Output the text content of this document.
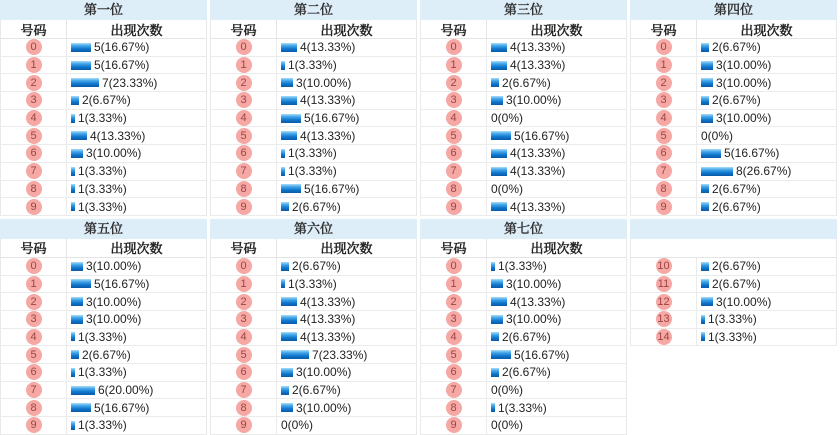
第一位
号码	出现次数
0	5(16.67%)
1	5(16.67%)
2	7(23.33%)
3	2(6.67%)
4	1(3.33%)
5	4(13.33%)
6	3(10.00%)
7	1(3.33%)
8	1(3.33%)
9	1(3.33%)
第二位
号码	出现次数
0	4(13.33%)
1	1(3.33%)
2	3(10.00%)
3	4(13.33%)
4	5(16.67%)
5	4(13.33%)
6	1(3.33%)
7	1(3.33%)
8	5(16.67%)
9	2(6.67%)
第三位
号码	出现次数
0	4(13.33%)
1	4(13.33%)
2	2(6.67%)
3	3(10.00%)
4	0(0%)
5	5(16.67%)
6	4(13.33%)
7	4(13.33%)
8	0(0%)
9	4(13.33%)
第四位
号码	出现次数
0	2(6.67%)
1	3(10.00%)
2	3(10.00%)
3	2(6.67%)
4	3(10.00%)
5	0(0%)
6	5(16.67%)
7	8(26.67%)
8	2(6.67%)
9	2(6.67%)
第五位
号码	出现次数
0	3(10.00%)
1	5(16.67%)
2	3(10.00%)
3	3(10.00%)
4	1(3.33%)
5	2(6.67%)
6	1(3.33%)
7	6(20.00%)
8	5(16.67%)
9	1(3.33%)
第六位
号码	出现次数
0	2(6.67%)
1	1(3.33%)
2	4(13.33%)
3	4(13.33%)
4	4(13.33%)
5	7(23.33%)
6	3(10.00%)
7	2(6.67%)
8	3(10.00%)
9	0(0%)
第七位
号码	出现次数
0	1(3.33%)
1	3(10.00%)
2	4(13.33%)
3	3(10.00%)
4	2(6.67%)
5	5(16.67%)
6	2(6.67%)
7	0(0%)
8	1(3.33%)
9	0(0%)
10	2(6.67%)
11	2(6.67%)
12	3(10.00%)
13	1(3.33%)
14	1(3.33%)
